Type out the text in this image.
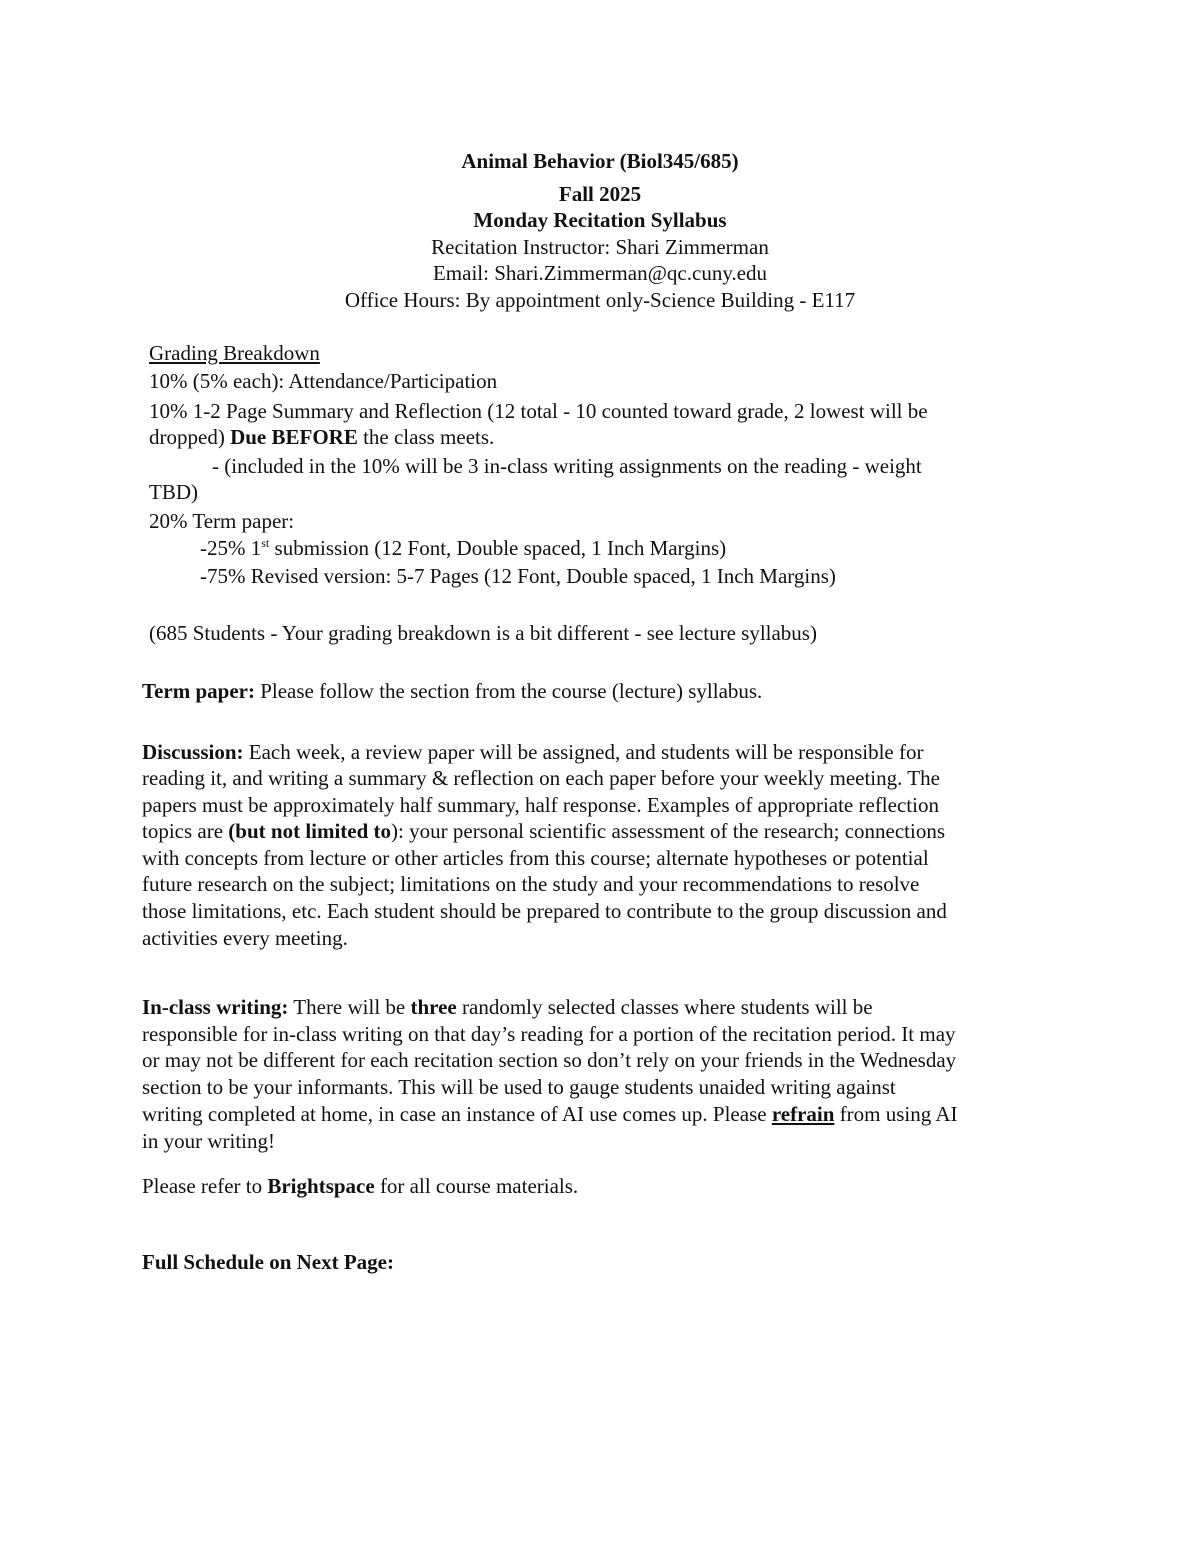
Animal Behavior (Biol345/685)
Fall 2025
Monday Recitation Syllabus
Recitation Instructor: Shari Zimmerman
Email: Shari.Zimmerman@qc.cuny.edu
Office Hours: By appointment only-Science Building - E117
Grading Breakdown
10% (5% each): Attendance/Participation
10% 1-2 Page Summary and Reflection (12 total - 10 counted toward grade, 2 lowest will be
dropped) Due BEFORE the class meets.
- (included in the 10% will be 3 in-class writing assignments on the reading - weight
TBD)
20% Term paper:
-25% 1st submission (12 Font, Double spaced, 1 Inch Margins)
-75% Revised version: 5-7 Pages (12 Font, Double spaced, 1 Inch Margins)
(685 Students - Your grading breakdown is a bit different - see lecture syllabus)
Term paper: Please follow the section from the course (lecture) syllabus.
Discussion: Each week, a review paper will be assigned, and students will be responsible for
reading it, and writing a summary & reflection on each paper before your weekly meeting. The
papers must be approximately half summary, half response. Examples of appropriate reflection
topics are (but not limited to): your personal scientific assessment of the research; connections
with concepts from lecture or other articles from this course; alternate hypotheses or potential
future research on the subject; limitations on the study and your recommendations to resolve
those limitations, etc. Each student should be prepared to contribute to the group discussion and
activities every meeting.
In-class writing: There will be three randomly selected classes where students will be
responsible for in-class writing on that day’s reading for a portion of the recitation period. It may
or may not be different for each recitation section so don’t rely on your friends in the Wednesday
section to be your informants. This will be used to gauge students unaided writing against
writing completed at home, in case an instance of AI use comes up. Please refrain from using AI
in your writing!
Please refer to Brightspace for all course materials.
Full Schedule on Next Page:
